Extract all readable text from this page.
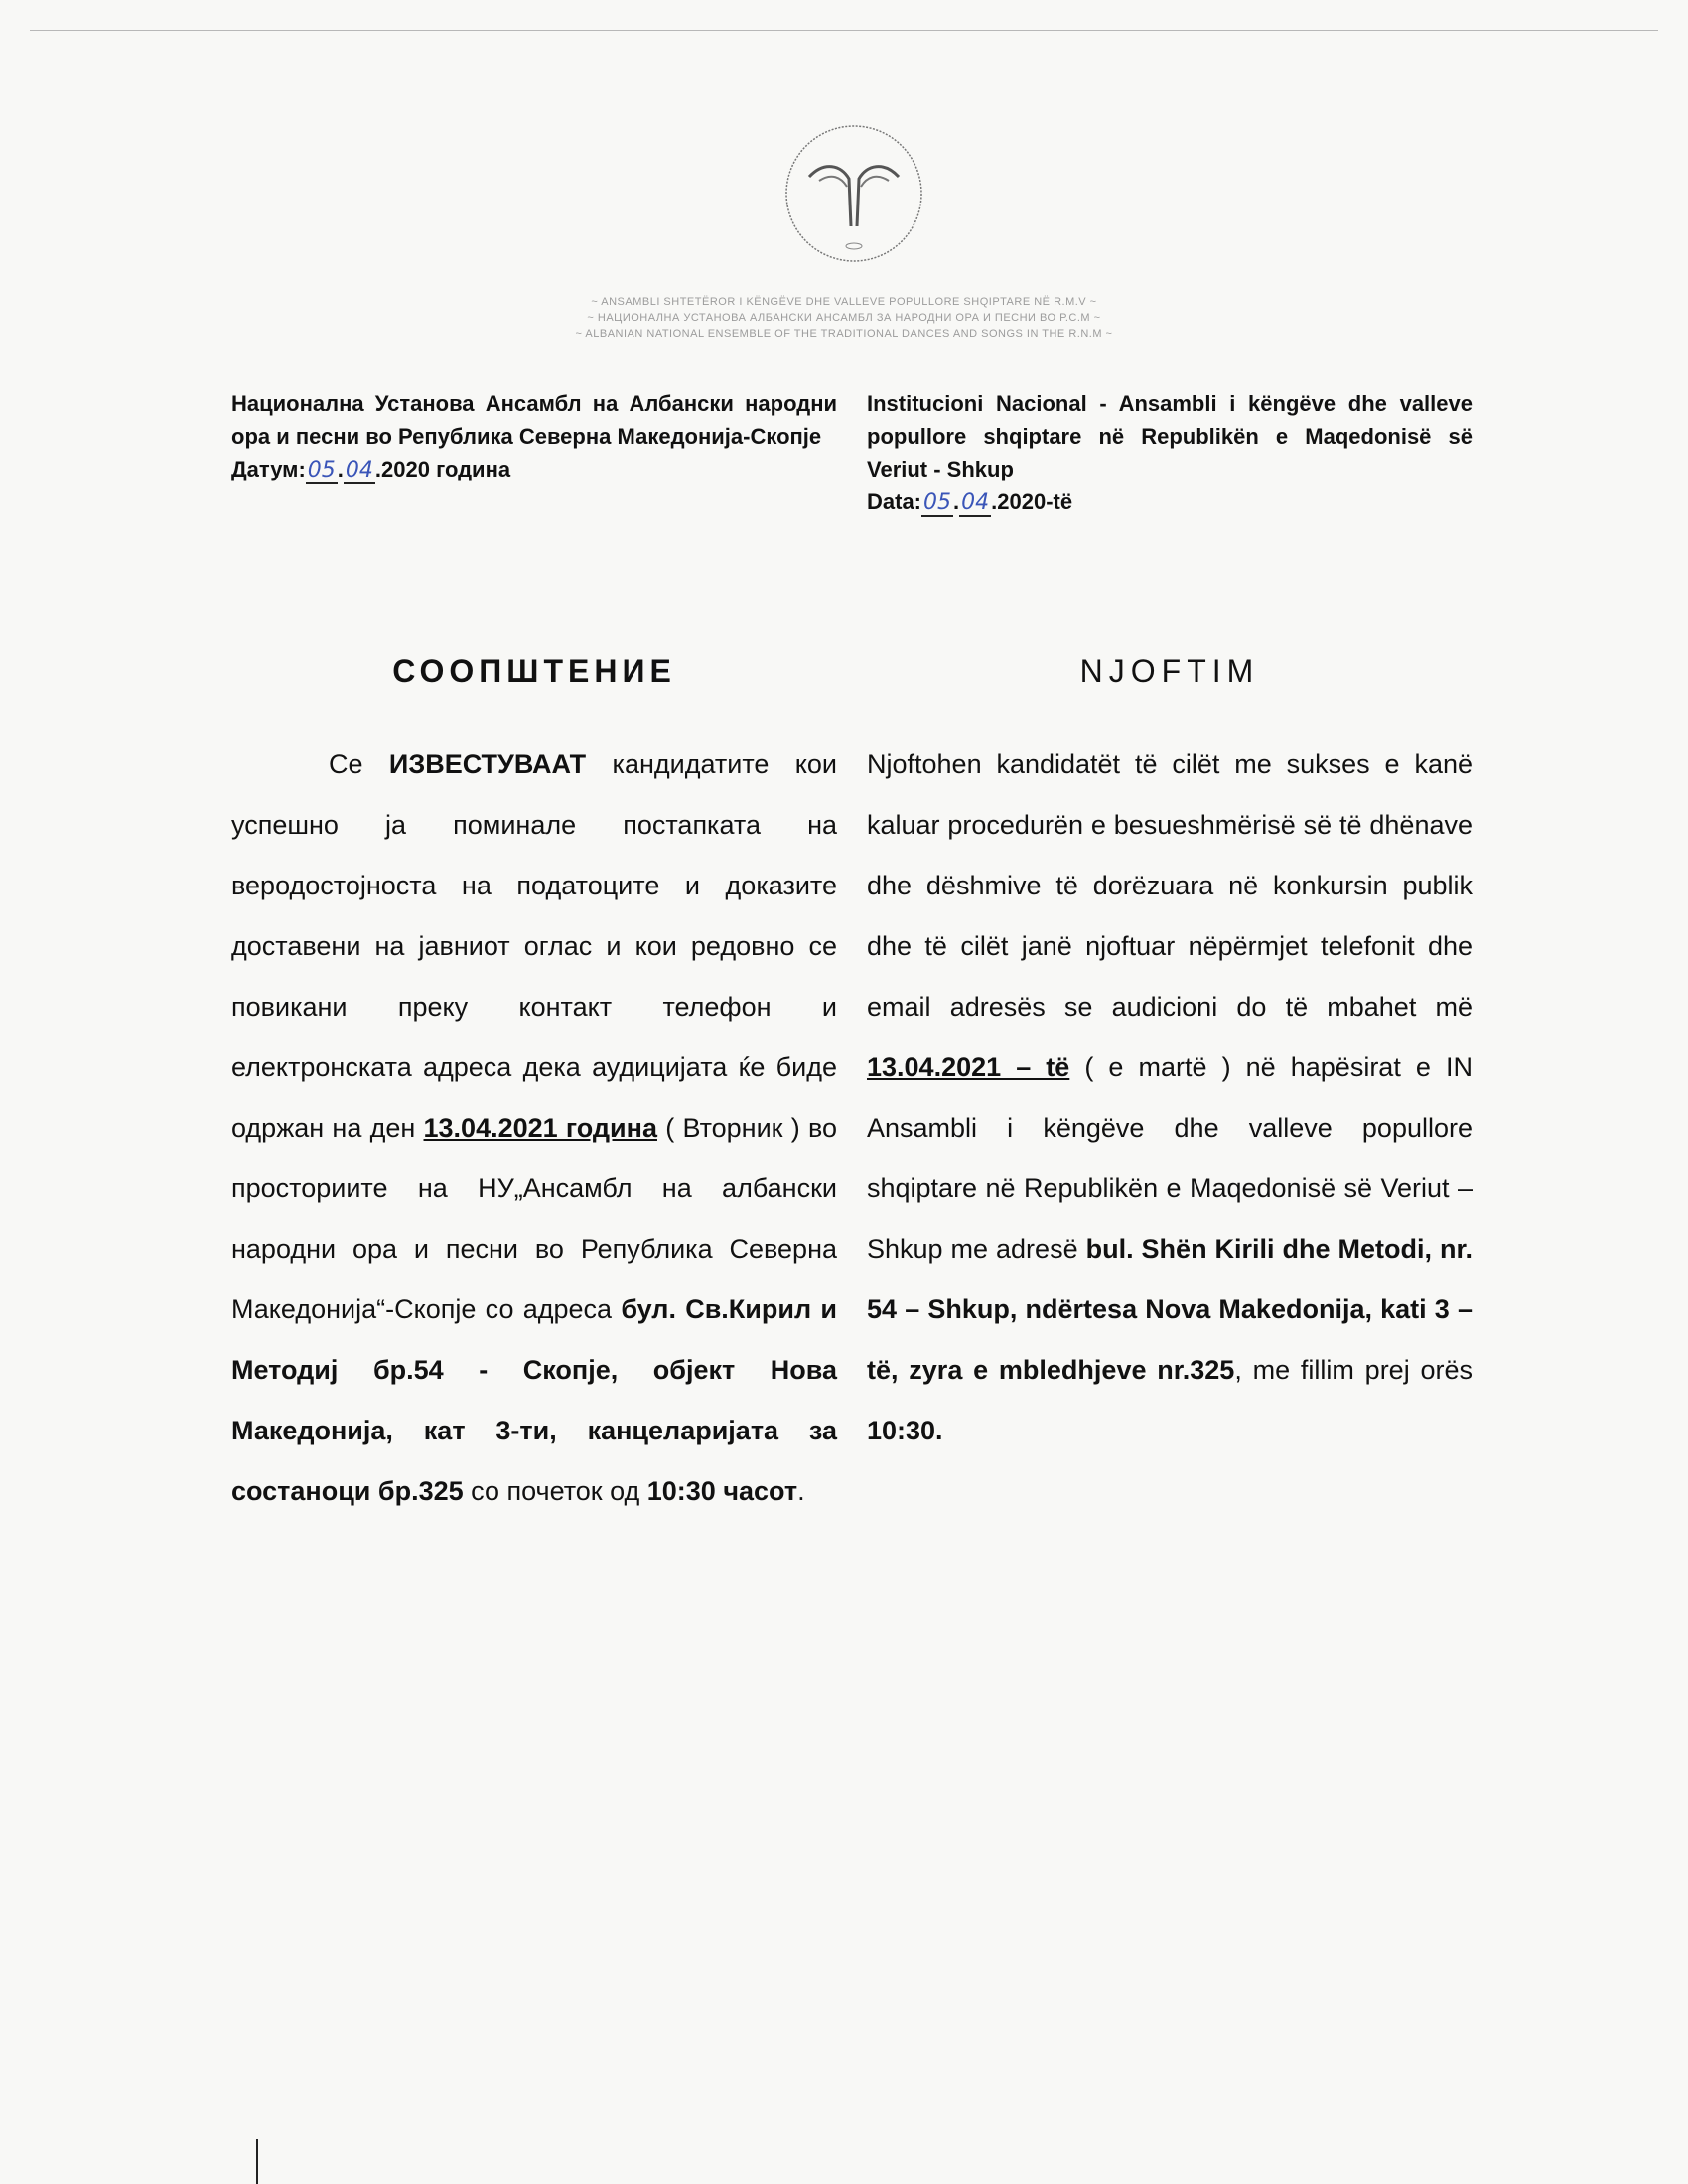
~ ANSAMBLI SHTETËROR I KËNGËVE DHE VALLEVE POPULLORE SHQIPTARE NË R.M.V ~
~ НАЦИОНАЛНА УСТАНОВА АЛБАНСКИ АНСАМБЛ ЗА НАРОДНИ ОРА И ПЕСНИ ВО Р.С.М ~
~ ALBANIAN NATIONAL ENSEMBLE OF THE TRADITIONAL DANCES AND SONGS IN THE R.N.M ~
Национална Установа Ансамбл на Албански народни ора и песни во Република Северна Македонија-Скопје
Датум:05.04.2020 година
Institucioni Nacional - Ansambli i këngëve dhe valleve popullore shqiptare në Republikën e Maqedonisë së Veriut - Shkup
Data:05.04.2020-të
СООПШТЕНИЕ	NJOFTIM
Се ИЗВЕСТУВААТ кандидатите кои успешно ја поминале постапката на веродостојноста на податоците и доказите доставени на јавниот оглас и кои редовно се повикани преку контакт телефон и електронската адреса дека аудицијата ќе биде одржан на ден 13.04.2021 година ( Вторник ) во просториите на НУ„Ансамбл на албански народни ора и песни во Република Северна Македонија“-Скопје со адреса бул. Св.Кирил и Методиј бр.54 - Скопје, објект Нова Македонија, кат 3-ти, канцеларијата за состаноци бр.325 со почеток од 10:30 часот.
Njoftohen kandidatët të cilët me sukses e kanë kaluar procedurën e besueshmërisë së të dhënave dhe dëshmive të dorëzuara në konkursin publik dhe të cilët janë njoftuar nëpërmjet telefonit dhe email adresës se audicioni do të mbahet më 13.04.2021 – të ( e martë ) në hapësirat e IN Ansambli i këngëve dhe valleve popullore shqiptare në Republikën e Maqedonisë së Veriut – Shkup me adresë bul. Shën Kirili dhe Metodi, nr. 54 – Shkup, ndërtesa Nova Makedonija, kati 3 – të, zyra e mbledhjeve nr.325, me fillim prej orës 10:30.
